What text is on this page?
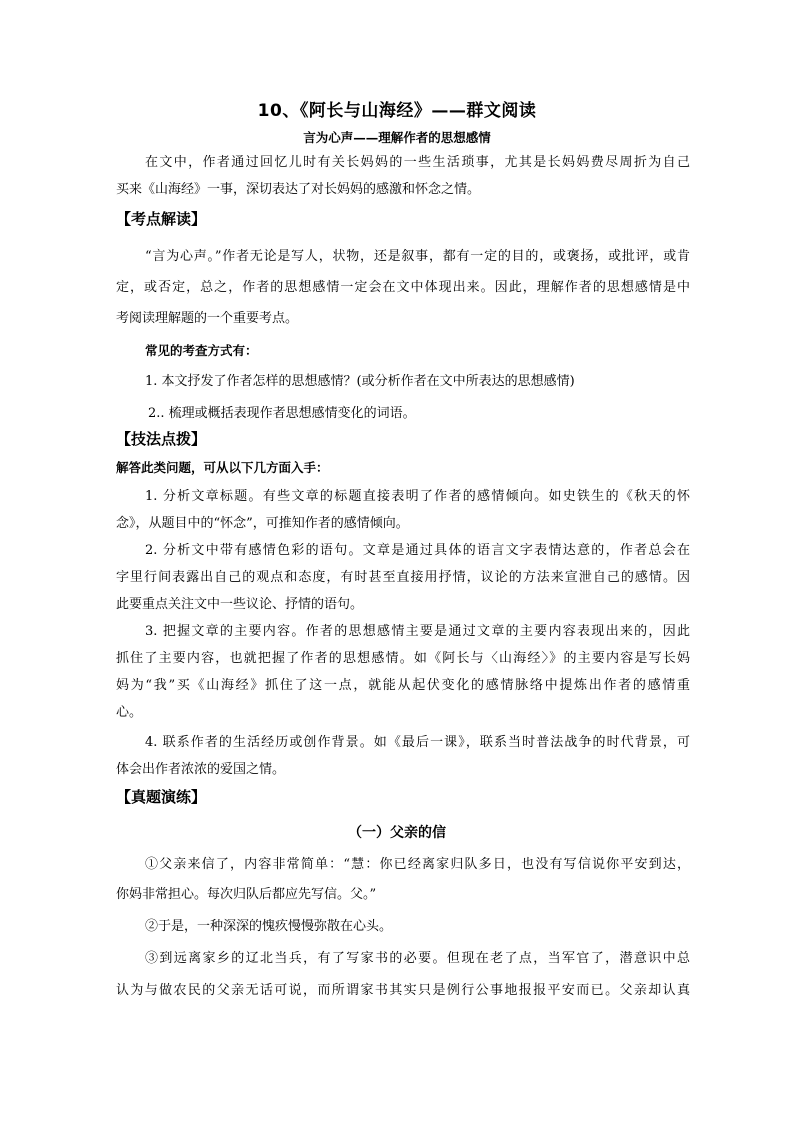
10、《阿长与山海经》——群文阅读
言为心声——理解作者的思想感情
在文中，作者通过回忆儿时有关长妈妈的一些生活琐事，尤其是长妈妈费尽周折为自己
买来《山海经》一事，深切表达了对长妈妈的感激和怀念之情。
【考点解读】
“言为心声。”作者无论是写人，状物，还是叙事，都有一定的目的，或褒扬，或批评，或肯
定，或否定，总之，作者的思想感情一定会在文中体现出来。因此，理解作者的思想感情是中
考阅读理解题的一个重要考点。
常见的考查方式有：
1. 本文抒发了作者怎样的思想感情？(或分析作者在文中所表达的思想感情)
2.. 梳理或概括表现作者思想感情变化的词语。
【技法点拨】
解答此类问题，可从以下几方面入手：
1. 分析文章标题。有些文章的标题直接表明了作者的感情倾向。如史铁生的《秋天的怀
念》，从题目中的“怀念”，可推知作者的感情倾向。
2. 分析文中带有感情色彩的语句。文章是通过具体的语言文字表情达意的，作者总会在
字里行间表露出自己的观点和态度，有时甚至直接用抒情，议论的方法来宣泄自己的感情。因
此要重点关注文中一些议论、抒情的语句。
3. 把握文章的主要内容。作者的思想感情主要是通过文章的主要内容表现出来的，因此
抓住了主要内容，也就把握了作者的思想感情。如《阿长与〈山海经〉》的主要内容是写长妈
妈为“我”买《山海经》抓住了这一点，就能从起伏变化的感情脉络中提炼出作者的感情重
心。
4. 联系作者的生活经历或创作背景。如《最后一课》，联系当时普法战争的时代背景，可
体会出作者浓浓的爱国之情。
【真题演练】
（一）父亲的信
①父亲来信了，内容非常简单：“慧：你已经离家归队多日，也没有写信说你平安到达，
你妈非常担心。每次归队后都应先写信。父。”
②于是，一种深深的愧疚慢慢弥散在心头。
③到远离家乡的辽北当兵，有了写家书的必要。但现在老了点，当军官了，潜意识中总
认为与做农民的父亲无话可说，而所谓家书其实只是例行公事地报报平安而已。父亲却认真
